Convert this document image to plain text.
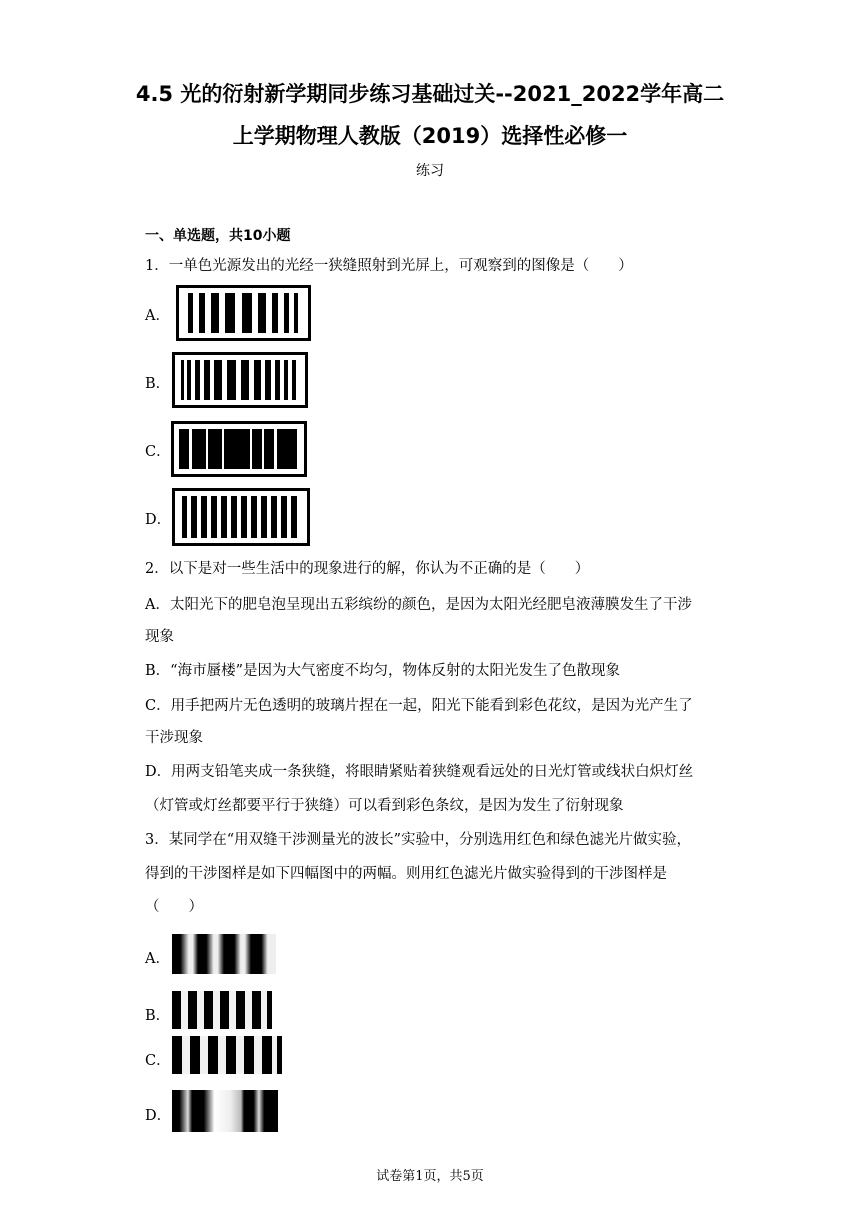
4.5 光的衍射新学期同步练习基础过关--2021_2022学年高二
上学期物理人教版（2019）选择性必修一
练习
一、单选题，共10小题
1．一单色光源发出的光经一狭缝照射到光屏上，可观察到的图像是（　　）
A．
B．
C．
D．
2．以下是对一些生活中的现象进行的解，你认为不正确的是（　　）
A．太阳光下的肥皂泡呈现出五彩缤纷的颜色，是因为太阳光经肥皂液薄膜发生了干涉
现象
B．“海市蜃楼”是因为大气密度不均匀，物体反射的太阳光发生了色散现象
C．用手把两片无色透明的玻璃片捏在一起，阳光下能看到彩色花纹，是因为光产生了
干涉现象
D．用两支铅笔夹成一条狭缝，将眼睛紧贴着狭缝观看远处的日光灯管或线状白炽灯丝
（灯管或灯丝都要平行于狭缝）可以看到彩色条纹，是因为发生了衍射现象
3．某同学在“用双缝干涉测量光的波长”实验中，分别选用红色和绿色滤光片做实验，
得到的干涉图样是如下四幅图中的两幅。则用红色滤光片做实验得到的干涉图样是
（　　）
A．
B．
C．
D．
试卷第1页，共5页
